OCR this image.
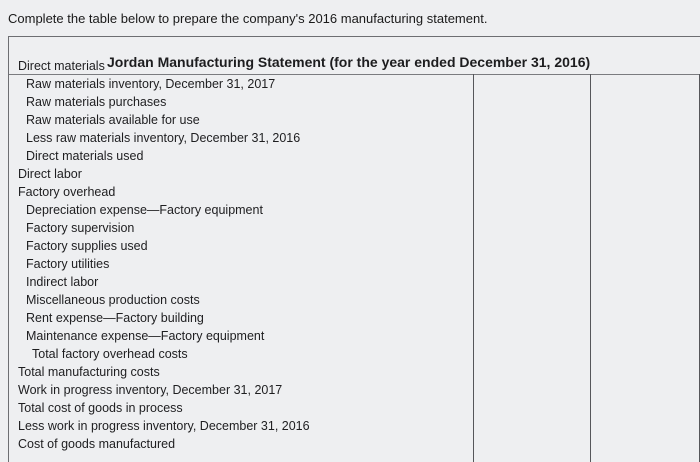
Complete the table below to prepare the company's 2016 manufacturing statement.
Jordan Manufacturing Statement (for the year ended December 31, 2016)
Direct materials
Raw materials inventory, December 31, 2017
Raw materials purchases
Raw materials available for use
Less raw materials inventory, December 31, 2016
Direct materials used
Direct labor
Factory overhead
Depreciation expense—Factory equipment
Factory supervision
Factory supplies used
Factory utilities
Indirect labor
Miscellaneous production costs
Rent expense—Factory building
Maintenance expense—Factory equipment
Total factory overhead costs
Total manufacturing costs
Work in progress inventory, December 31, 2017
Total cost of goods in process
Less work in progress inventory, December 31, 2016
Cost of goods manufactured
